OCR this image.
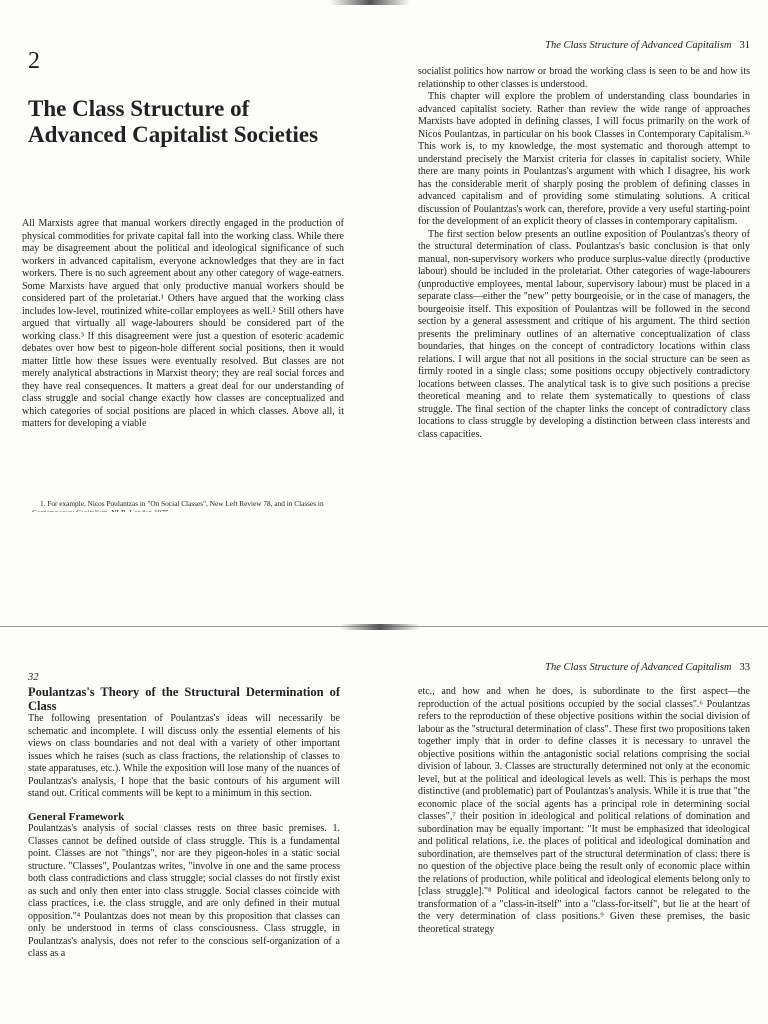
2
The Class Structure of Advanced Capitalist Societies

All Marxists agree that manual workers directly engaged in the production of physical commodities for private capital fall into the working class. While there may be disagreement about the political and ideological significance of such workers in advanced capitalism, everyone acknowledges that they are in fact workers. There is no such agreement about any other category of wage-earners. Some Marxists have argued that only productive manual workers should be considered part of the proletariat.¹ Others have argued that the working class includes low-level, routinized white-collar employees as well.² Still others have argued that virtually all wage-labourers should be considered part of the working class.³ If this disagreement were just a question of esoteric academic debates over how best to pigeon-hole different social positions, then it would matter little how these issues were eventually resolved. But classes are not merely analytical abstractions in Marxist theory; they are real social forces and they have real consequences. It matters a great deal for our understanding of class struggle and social change exactly how classes are conceptualized and which categories of social positions are placed in which classes. Above all, it matters for developing a viable

1. For example, Nicos Poulantzas in "On Social Classes", New Left Review 78, and in Classes in
The Class Structure of Advanced Capitalism 31

socialist politics how narrow or broad the working class is seen to be and how its relationship to other classes is understood.

This chapter will explore the problem of understanding class boundaries in advanced capitalist society. Rather than review the wide range of approaches Marxists have adopted in defining classes, I will focus primarily on the work of Nicos Poulantzas, in particular on his book Classes in Contemporary Capitalism.³ᵃ This work is, to my knowledge, the most systematic and thorough attempt to understand precisely the Marxist criteria for classes in capitalist society. While there are many points in Poulantzas's argument with which I disagree, his work has the considerable merit of sharply posing the problem of defining classes in advanced capitalism and of providing some stimulating solutions. A critical discussion of Poulantzas's work can, therefore, provide a very useful starting-point for the development of an explicit theory of classes in contemporary capitalism.

The first section below presents an outline exposition of Poulantzas's theory of the structural determination of class. Poulantzas's basic conclusion is that only manual, non-supervisory workers who produce surplus-value directly (productive labour) should be included in the proletariat. Other categories of wage-labourers (unproductive employees, mental labour, supervisory labour) must be placed in a separate class—either the "new" petty bourgeoisie, or in the case of managers, the bourgeoisie itself. This exposition of Poulantzas will be followed in the second section by a general assessment and critique of his argument. The third section presents the preliminary outlines of an alternative conceptualization of class boundaries, that hinges on the concept of contradictory locations within class relations. I will argue that not all positions in the social structure can be seen as firmly rooted in a single class; some positions occupy objectively contradictory locations between classes. The analytical task is to give such positions a precise theoretical meaning and to relate them systematically to questions of class struggle. The final section of the chapter links the concept of contradictory class locations to class struggle by developing a distinction between class interests and class capacities.

32
Poulantzas's Theory of the Structural Determination of Class

The following presentation of Poulantzas's ideas will necessarily be schematic and incomplete. I will discuss only the essential elements of his views on class boundaries and not deal with a variety of other important issues which he raises (such as class fractions, the relationship of classes to state apparatuses, etc.). While the exposition will lose many of the nuances of Poulantzas's analysis, I hope that the basic contours of his argument will stand out. Critical comments will be kept to a minimum in this section.

General Framework

Poulantzas's analysis of social classes rests on three basic premises. 1. Classes cannot be defined outside of class struggle. This is a fundamental point. Classes are not "things", nor are they pigeon-holes in a static social structure. "Classes", Poulantzas writes, "involve in one and the same process both class contradictions and class struggle; social classes do not firstly exist as such and only then enter into class struggle. Social classes coincide with class practices, i.e. the class struggle, and are only defined in their mutual opposition."⁴ Poulantzas does not mean by this proposition that classes can only be understood in terms of class consciousness. Class struggle, in Poulantzas's analysis, does not refer to the conscious self-organization of a class as a

The Class Structure of Advanced Capitalism 33

etc., and how and when he does, is subordinate to the first aspect—the reproduction of the actual positions occupied by the social classes".⁶ Poulantzas refers to the reproduction of these objective positions within the social division of labour as the "structural determination of class". These first two propositions taken together imply that in order to define classes it is necessary to unravel the objective positions within the antagonistic social relations comprising the social division of labour. 3. Classes are structurally determined not only at the economic level, but at the political and ideological levels as well. This is perhaps the most distinctive (and problematic) part of Poulantzas's analysis. While it is true that "the economic place of the social agents has a principal role in determining social classes",⁷ their position in ideological and political relations of domination and subordination may be equally important: "It must be emphasized that ideological and political relations, i.e. the places of political and ideological domination and subordination, are themselves part of the structural determination of class: there is no question of the objective place being the result only of economic place within the relations of production, while political and ideological elements belong only to [class struggle]."⁸ Political and ideological factors cannot be relegated to the transformation of a "class-in-itself" into a "class-for-itself", but lie at the heart of the very determination of class positions.⁹ Given these premises, the basic theoretical strategy
